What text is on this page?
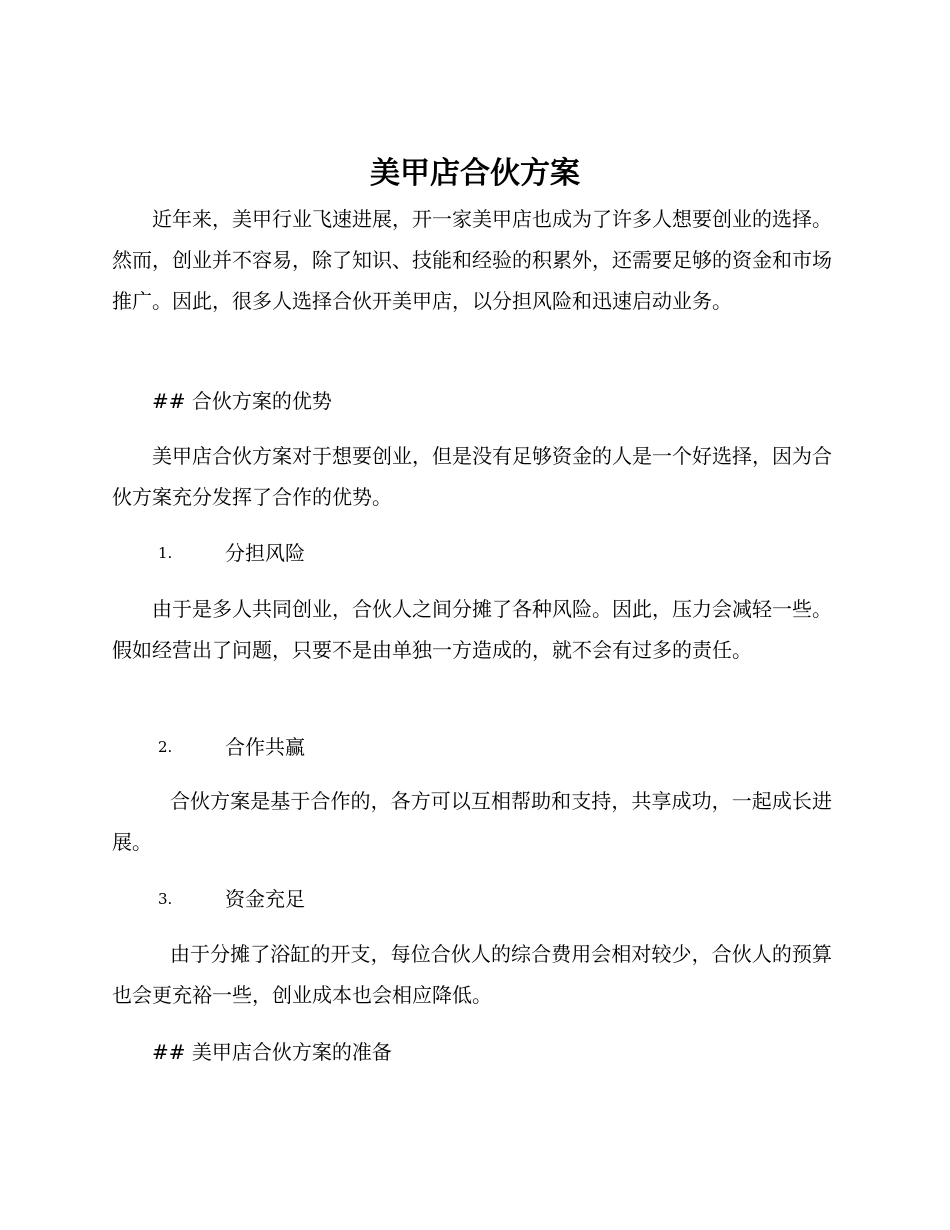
美甲店合伙方案
近年来，美甲行业飞速进展，开一家美甲店也成为了许多人想要创业的选择。然而，创业并不容易，除了知识、技能和经验的积累外，还需要足够的资金和市场推广。因此，很多人选择合伙开美甲店，以分担风险和迅速启动业务。
## 合伙方案的优势
美甲店合伙方案对于想要创业，但是没有足够资金的人是一个好选择，因为合伙方案充分发挥了合作的优势。
1.	分担风险
由于是多人共同创业，合伙人之间分摊了各种风险。因此，压力会减轻一些。假如经营出了问题，只要不是由单独一方造成的，就不会有过多的责任。
2.	合作共赢
合伙方案是基于合作的，各方可以互相帮助和支持，共享成功，一起成长进展。
3.	资金充足
由于分摊了浴缸的开支，每位合伙人的综合费用会相对较少，合伙人的预算也会更充裕一些，创业成本也会相应降低。
## 美甲店合伙方案的准备
